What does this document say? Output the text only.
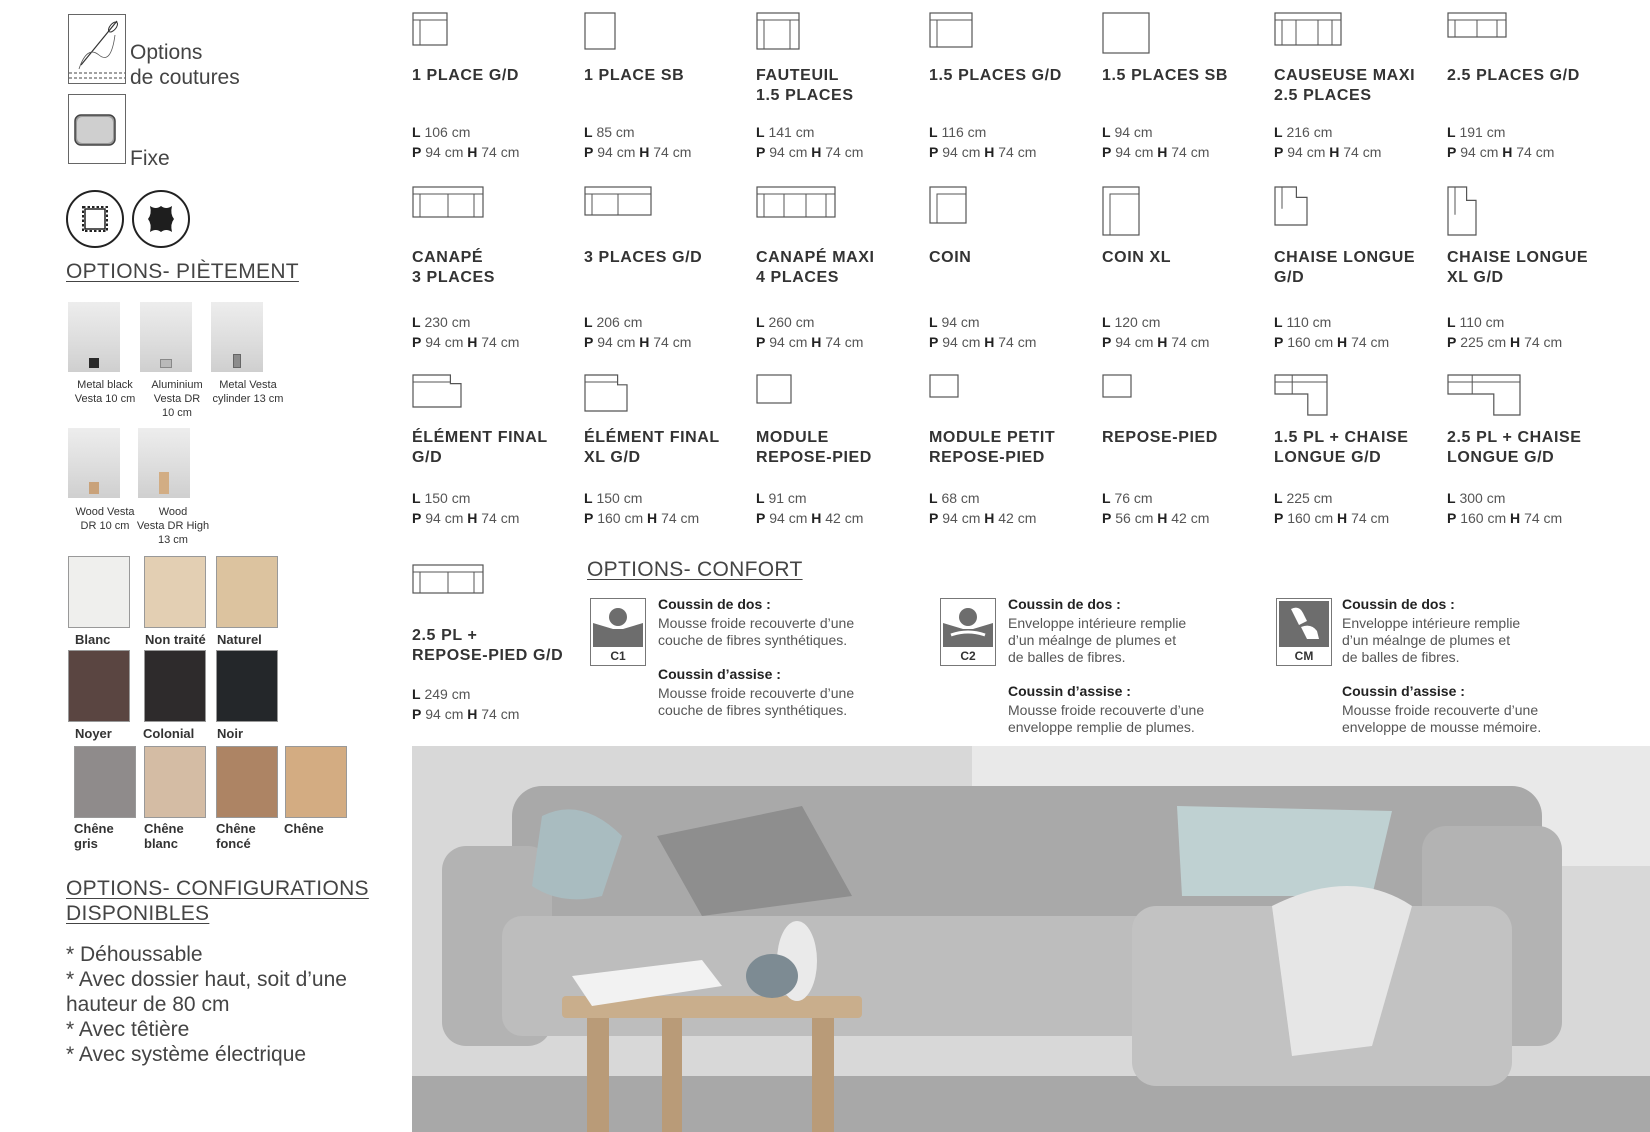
Options
de coutures
Fixe
OPTIONS- PIÈTEMENT
Metal black
Vesta 10 cm
Aluminium
Vesta DR
10 cm
Metal Vesta
cylinder 13 cm
Wood Vesta
DR 10 cm
Wood
Vesta DR High
13 cm
Blanc	Non traité Naturel
Noyer Colonial Noir
Chêne
gris
Chêne
blanc
Chêne
foncé
Chêne
OPTIONS- CONFIGURATIONS
DISPONIBLES
* Déhoussable
* Avec dossier haut, soit d’une hauteur de 80 cm
* Avec têtière
* Avec système électrique
1 PLACE G/D
L 106 cm
P 94 cm H 74 cm
1 PLACE SB
L 85 cm
P 94 cm H 74 cm
FAUTEUIL
1.5 PLACES
L 141 cm
P 94 cm H 74 cm
1.5 PLACES G/D
L 116 cm
P 94 cm H 74 cm
1.5 PLACES SB
L 94 cm
P 94 cm H 74 cm
CAUSEUSE MAXI
2.5 PLACES
L 216 cm
P 94 cm H 74 cm
2.5 PLACES G/D
L 191 cm
P 94 cm H 74 cm
CANAPÉ
3 PLACES
L 230 cm
P 94 cm H 74 cm
3 PLACES G/D
L 206 cm
P 94 cm H 74 cm
CANAPÉ MAXI
4 PLACES
L 260 cm
P 94 cm H 74 cm
COIN
L 94 cm
P 94 cm H 74 cm
COIN XL
L 120 cm
P 94 cm H 74 cm
CHAISE LONGUE
G/D
L 110 cm
P 160 cm H 74 cm
CHAISE LONGUE
XL G/D
L 110 cm
P 225 cm H 74 cm
ÉLÉMENT FINAL
G/D
L 150 cm
P 94 cm H 74 cm
ÉLÉMENT FINAL
XL G/D
L 150 cm
P 160 cm H 74 cm
MODULE
REPOSE-PIED
L 91 cm
P 94 cm H 42 cm
MODULE PETIT
REPOSE-PIED
L 68 cm
P 94 cm H 42 cm
REPOSE-PIED
L 76 cm
P 56 cm H 42 cm
1.5 PL + CHAISE
LONGUE G/D
L 225 cm
P 160 cm H 74 cm
2.5 PL + CHAISE
LONGUE G/D
L 300 cm
P 160 cm H 74 cm
2.5 PL +
REPOSE-PIED G/D
L 249 cm
P 94 cm H 74 cm
OPTIONS- CONFORT
C1
Coussin de dos :
Mousse froide recouverte d’une
couche de fibres synthétiques.
Coussin d’assise :
Mousse froide recouverte d’une
couche de fibres synthétiques.
C2
Coussin de dos :
Enveloppe intérieure remplie
d’un méalnge de plumes et
de balles de fibres.
Coussin d’assise :
Mousse froide recouverte d’une
enveloppe remplie de plumes.
CM
Coussin de dos :
Enveloppe intérieure remplie
d’un méalnge de plumes et
de balles de fibres.
Coussin d’assise :
Mousse froide recouverte d’une
enveloppe de mousse mémoire.
